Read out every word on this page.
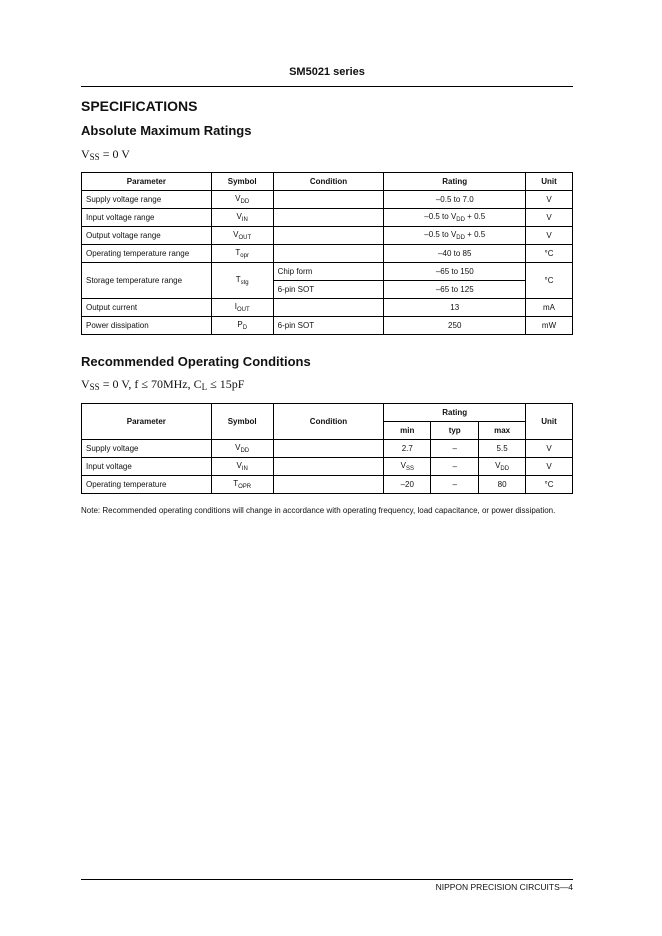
SM5021 series
SPECIFICATIONS
Absolute Maximum Ratings
$V_{SS} = 0$ V
Parameter	Symbol	Condition	Rating	Unit
Supply voltage range	$V_{DD}$		–0.5 to 7.0	V
Input voltage range	$V_{IN}$		–0.5 to $V_{DD} + 0.5$	V
Output voltage range	$V_{OUT}$		–0.5 to $V_{DD} + 0.5$	V
Operating temperature range	$T_{opr}$		–40 to 85	°C
Storage temperature range	$T_{stg}$	Chip form	–65 to 150	°C
		6-pin SOT	–65 to 125	
Output current	$I_{OUT}$		13	mA
Power dissipation	$P_D$	6-pin SOT	250	mW
Recommended Operating Conditions
$V_{SS} = 0$ V, f ≤ 70MHz, $C_L \le 15pF$
Parameter	Symbol	Condition	Rating			Unit
			min	typ	max	
Supply voltage	$V_{DD}$		2.7	–	5.5	V
Input voltage	$V_{IN}$		$V_{SS}$	–	$V_{DD}$	V
Operating temperature	$T_{OPR}$		–20	–	80	°C
Note: Recommended operating conditions will change in accordance with operating frequency, load capacitance, or power dissipation.
NIPPON PRECISION CIRCUITS—4
